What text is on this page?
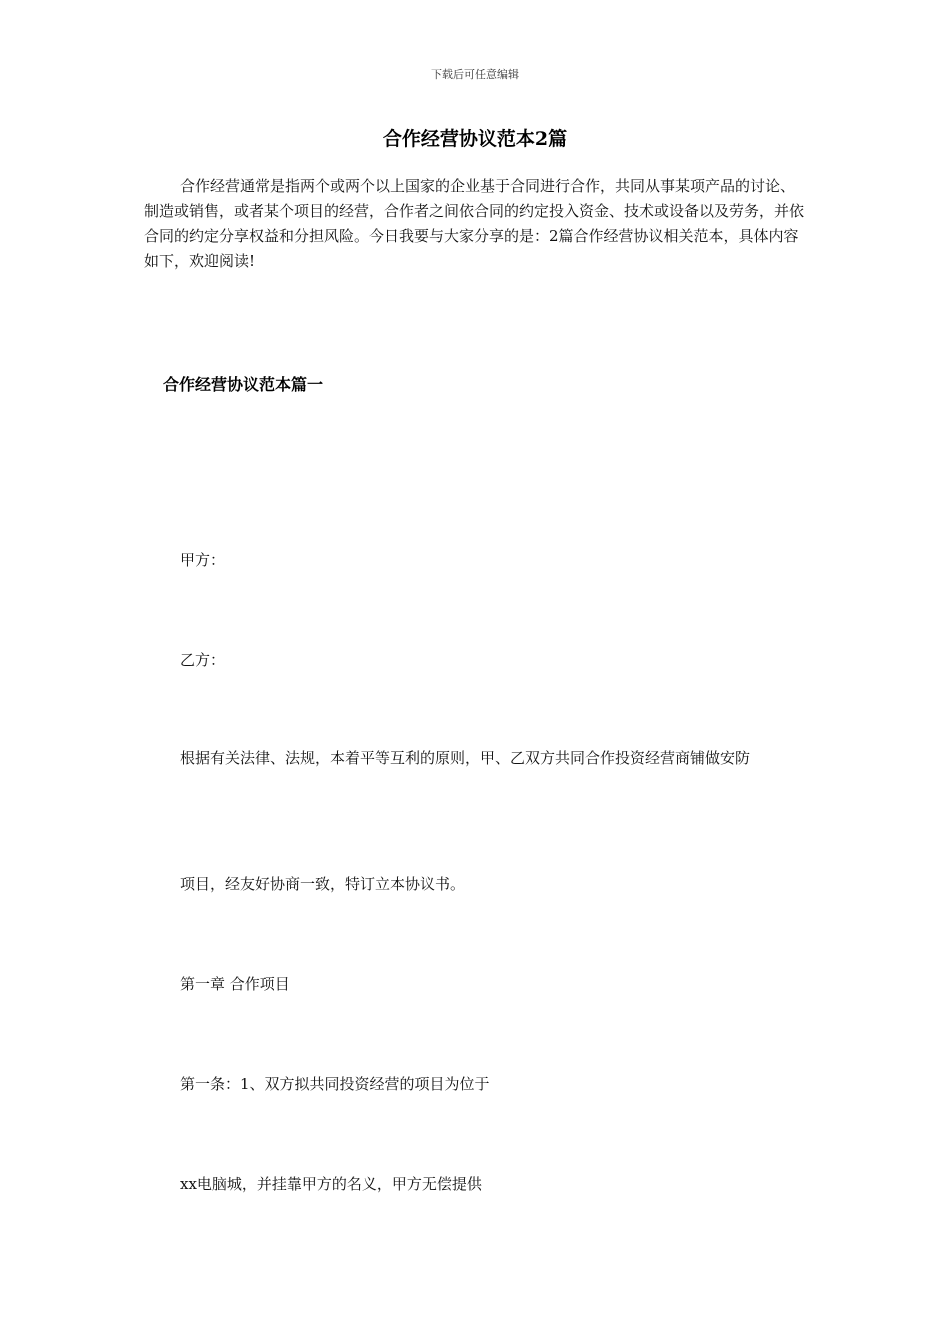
下载后可任意编辑
合作经营协议范本2篇

合作经营通常是指两个或两个以上国家的企业基于合同进行合作，共同从事某项产品的讨论、制造或销售，或者某个项目的经营，合作者之间依合同的约定投入资金、技术或设备以及劳务，并依合同的约定分享权益和分担风险。今日我要与大家分享的是：2篇合作经营协议相关范本，具体内容如下，欢迎阅读!

合作经营协议范本篇一

甲方：

乙方：

根据有关法律、法规，本着平等互利的原则，甲、乙双方共同合作投资经营商铺做安防

项目，经友好协商一致，特订立本协议书。

第一章 合作项目

第一条：1、双方拟共同投资经营的项目为位于

xx电脑城，并挂靠甲方的名义，甲方无偿提供
